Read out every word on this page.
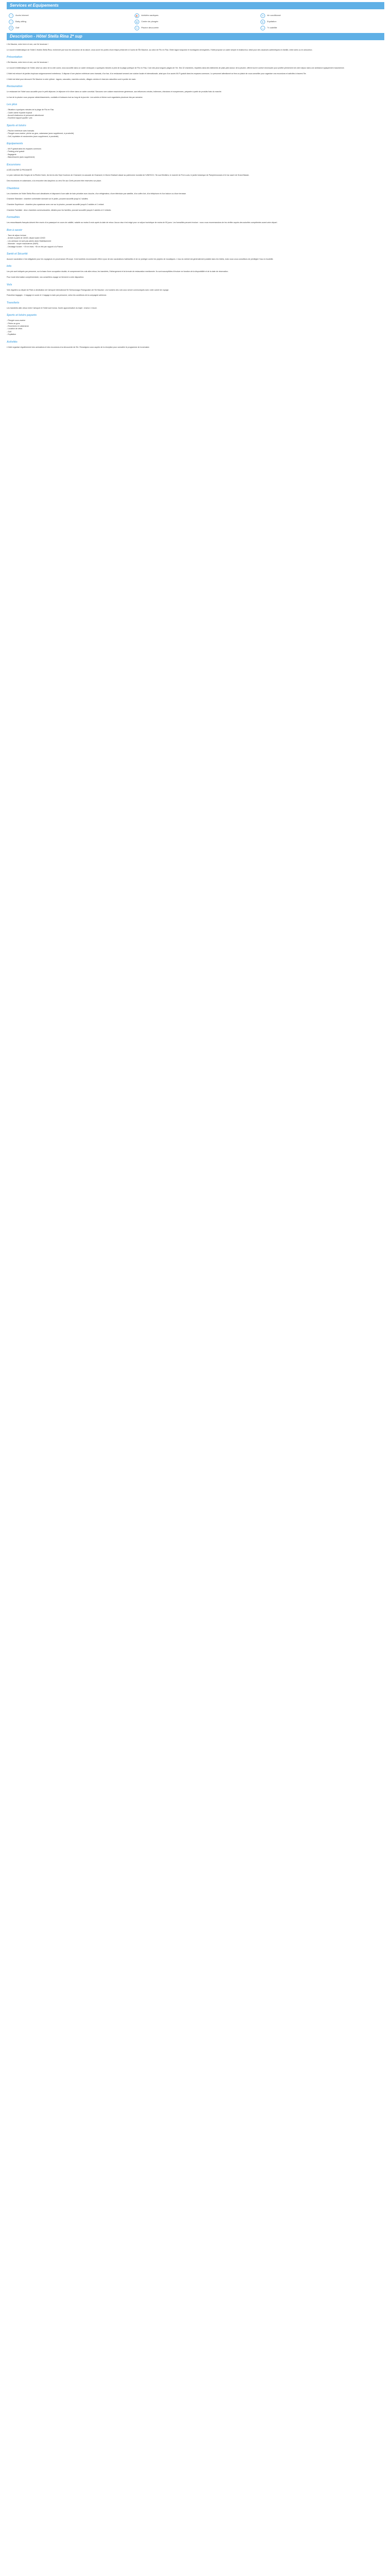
Services et Equipements
≈ Accès Internet	⛵ Activités nautiques	❄ Air conditionné

☺ Baby-sitting	◉ Centre de plongée	♞ Equitation

⚑ Golf	≋ Piscine découverte	▭ Tv satellite
Description - Hôtel Stella Rina 2* sup

L'île Maurice, entre terre et mer, une île heureuse !

Le nouvel emblématique de l'hôtel 2 étoiles Stella Rina, recherché par tous les amoureux de la nature, vous ouvre les portes d'une étape préservée à l'ouest de l'Île Maurice, au cœur de Flic en Flac. Entre lagon turquoise et montagnes verdoyantes, l'hôtel propose un cadre simple et chaleureux, idéal pour des vacances authentiques en famille, entre amis ou en amoureux.

Présentation

L'Île Maurice, entre terre et mer, une île heureuse !

Le nouvel emblématique de l'hôtel, situé au cœur de la côte ouest, vous accueille dans un cadre verdoyant, à quelques minutes à pied de la plage publique de Flic en Flac, l'une des plus longues plages de l'île. Ses 32 chambres, réparties dans des bâtiments de plain-pied autour de la piscine, offrent tout le confort nécessaire pour profiter pleinement de votre séjour dans une ambiance typiquement mauricienne.

L'hôtel est entouré de jardins tropicaux soigneusement entretenus. Il dispose d'une piscine extérieure avec transats, d'un bar, d'un restaurant servant une cuisine locale et internationale, ainsi que d'un accès Wi-Fi gratuit dans les espaces communs. Le personnel attentionné se fera un plaisir de vous conseiller pour organiser vos excursions et activités à travers l'île.

L'hôtel est idéal pour découvrir l'île Maurice à votre rythme : lagons, cascades, marchés colorés, villages créoles et réserves naturelles sont à portée de main.

Restauration

Le restaurant de l'hôtel vous accueille pour le petit déjeuner, le déjeuner et le dîner dans un cadre convivial. Savourez une cuisine mauricienne généreuse, aux influences créoles, indiennes, chinoises et européennes, préparée à partir de produits frais du marché.

Le bar de la piscine vous propose rafraîchissements, cocktails et boissons tout au long de la journée. Les soirées à thème sont organisées plusieurs fois par semaine.

Les plus
- Situation à quelques minutes de la plage de Flic en Flac
- Cadre calme et jardin tropical
- Accueil chaleureux et personnel attentionné
- Excellent rapport qualité / prix
Sports et loisirs
- Piscine extérieure avec transats
- Plongée sous-marine, pêche au gros, catamaran (avec supplément, à proximité)
- Golf, équitation et randonnées (avec supplément, à proximité)
Equipements
- Wi-Fi gratuit dans les espaces communs
- Parking privé gratuit
- Bagagerie
- Blanchisserie (avec supplément)
Excursions

A DÉCOUVRIR À PROXIMITÉ

Le parc national des Gorges de la Rivière Noire, les terres des Sept Couleurs de Chamarel, la cascade de Chamarel, le Morne Brabant classé au patrimoine mondial de l'UNESCO, l'île aux Bénitiers, le marché de Port-Louis, le jardin botanique de Pamplemousses et le lac sacré de Grand Bassin.

Des excursions en catamaran, à la rencontre des dauphins ou vers l'île aux Cerfs peuvent être réservées sur place.

Chambres

Les chambres de l'hôtel Stella Rina sont climatisées et disposent d'une salle de bain privative avec douche, d'un réfrigérateur, d'une télévision par satellite, d'un coffre-fort, d'un téléphone et d'un balcon ou d'une terrasse.

Chambre Standard : chambre confortable donnant sur le jardin, pouvant accueillir jusqu'à 2 adultes.

Chambre Supérieure : chambre plus spacieuse avec vue sur la piscine, pouvant accueillir jusqu'à 2 adultes et 1 enfant.

Chambre Familiale : deux chambres communicantes, idéales pour les familles, pouvant accueillir jusqu'à 2 adultes et 2 enfants.

Formalités

Les ressortissants français doivent être munis d'un passeport en cours de validité, valable au moins 6 mois après la date de retour. Aucun visa n'est exigé pour un séjour touristique de moins de 90 jours. Les formalités peuvent évoluer : nous vous recommandons de les vérifier auprès des autorités compétentes avant votre départ.

Bon à savoir
- Taxe de séjour incluse
- Arrivée à partir de 14h00, départ avant 12h00
- Les animaux ne sont pas admis dans l'établissement
- Monnaie : roupie mauricienne (MUR)
- Décalage horaire : +2h en hiver, +3h en été par rapport à la France
Santé et Sécurité

Aucune vaccination n'est obligatoire pour les voyageurs en provenance d'Europe. Il est toutefois recommandé d'être à jour de ses vaccinations habituelles et de se protéger contre les piqûres de moustiques. L'eau du robinet est généralement potable dans les hôtels, mais nous vous conseillons de privilégier l'eau en bouteille.

Info

Les prix sont indiqués par personne, sur la base d'une occupation double, et comprennent les vols aller-retour, les transferts, l'hébergement et la formule de restauration mentionnée. Ils sont susceptibles d'évoluer en fonction de la disponibilité et de la date de réservation.

Pour toute information complémentaire, nos conseillers voyage se tiennent à votre disposition.

Vols

Vols réguliers au départ de Paris à destination de l'aéroport international Sir Seewoosagur Ramgoolam de l'île Maurice. Les horaires des vols vous seront communiqués avec votre carnet de voyage.

Franchise bagages : 1 bagage en soute et 1 bagage à main par personne, selon les conditions de la compagnie aérienne.

Transferts

Les transferts aller-retour entre l'aéroport et l'hôtel sont inclus. Durée approximative du trajet : environ 1 heure.

Sports et loisirs payants
- Plongée sous-marine
- Pêche au gros
- Excursions en catamaran
- Location de vélos
- Golf
- Equitation
Activités

L'hôtel organise régulièrement des animations et des excursions à la découverte de l'île. Renseignez-vous auprès de la réception pour connaître le programme de la semaine.
